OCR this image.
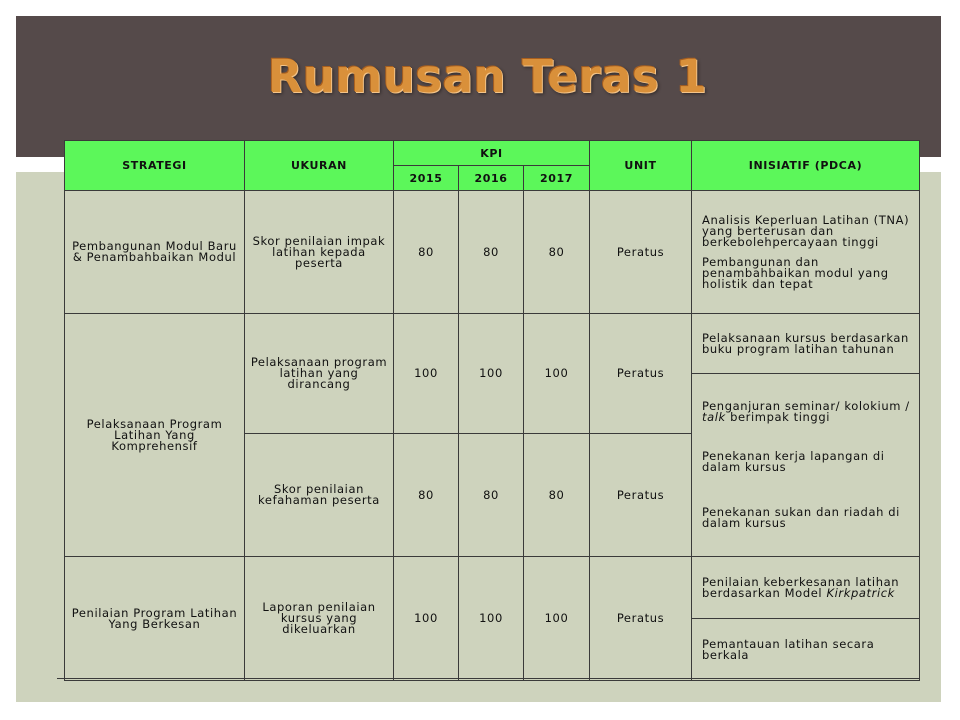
Rumusan Teras 1
STRATEGI	UKURAN	KPI			UNIT	INISIATIF (PDCA)
		2015	2016	2017		
Pembangunan Modul Baru & Penambahbaikan Modul	Skor penilaian impak latihan kepada peserta	80	80	80	Peratus	Analisis Keperluan Latihan (TNA) yang berterusan dan berkebolehpercayaan tinggi
Pembangunan dan penambahbaikan modul yang holistik dan tepat

Pelaksanaan Program Latihan Yang Komprehensif	Pelaksanaan program latihan yang dirancang	100	100	100	Peratus	Pelaksanaan kursus berdasarkan buku program latihan tahunan

						Penganjuran seminar/ kolokium / talk berimpak tinggi
Penekanan kerja lapangan di dalam kursus
Penekanan sukan dan riadah di dalam kursus

	Skor penilaian kefahaman peserta	80	80	80	Peratus	

Penilaian Program Latihan Yang Berkesan	Laporan penilaian kursus yang dikeluarkan	100	100	100	Peratus	Penilaian keberkesanan latihan berdasarkan Model Kirkpatrick
						Pemantauan latihan secara berkala
